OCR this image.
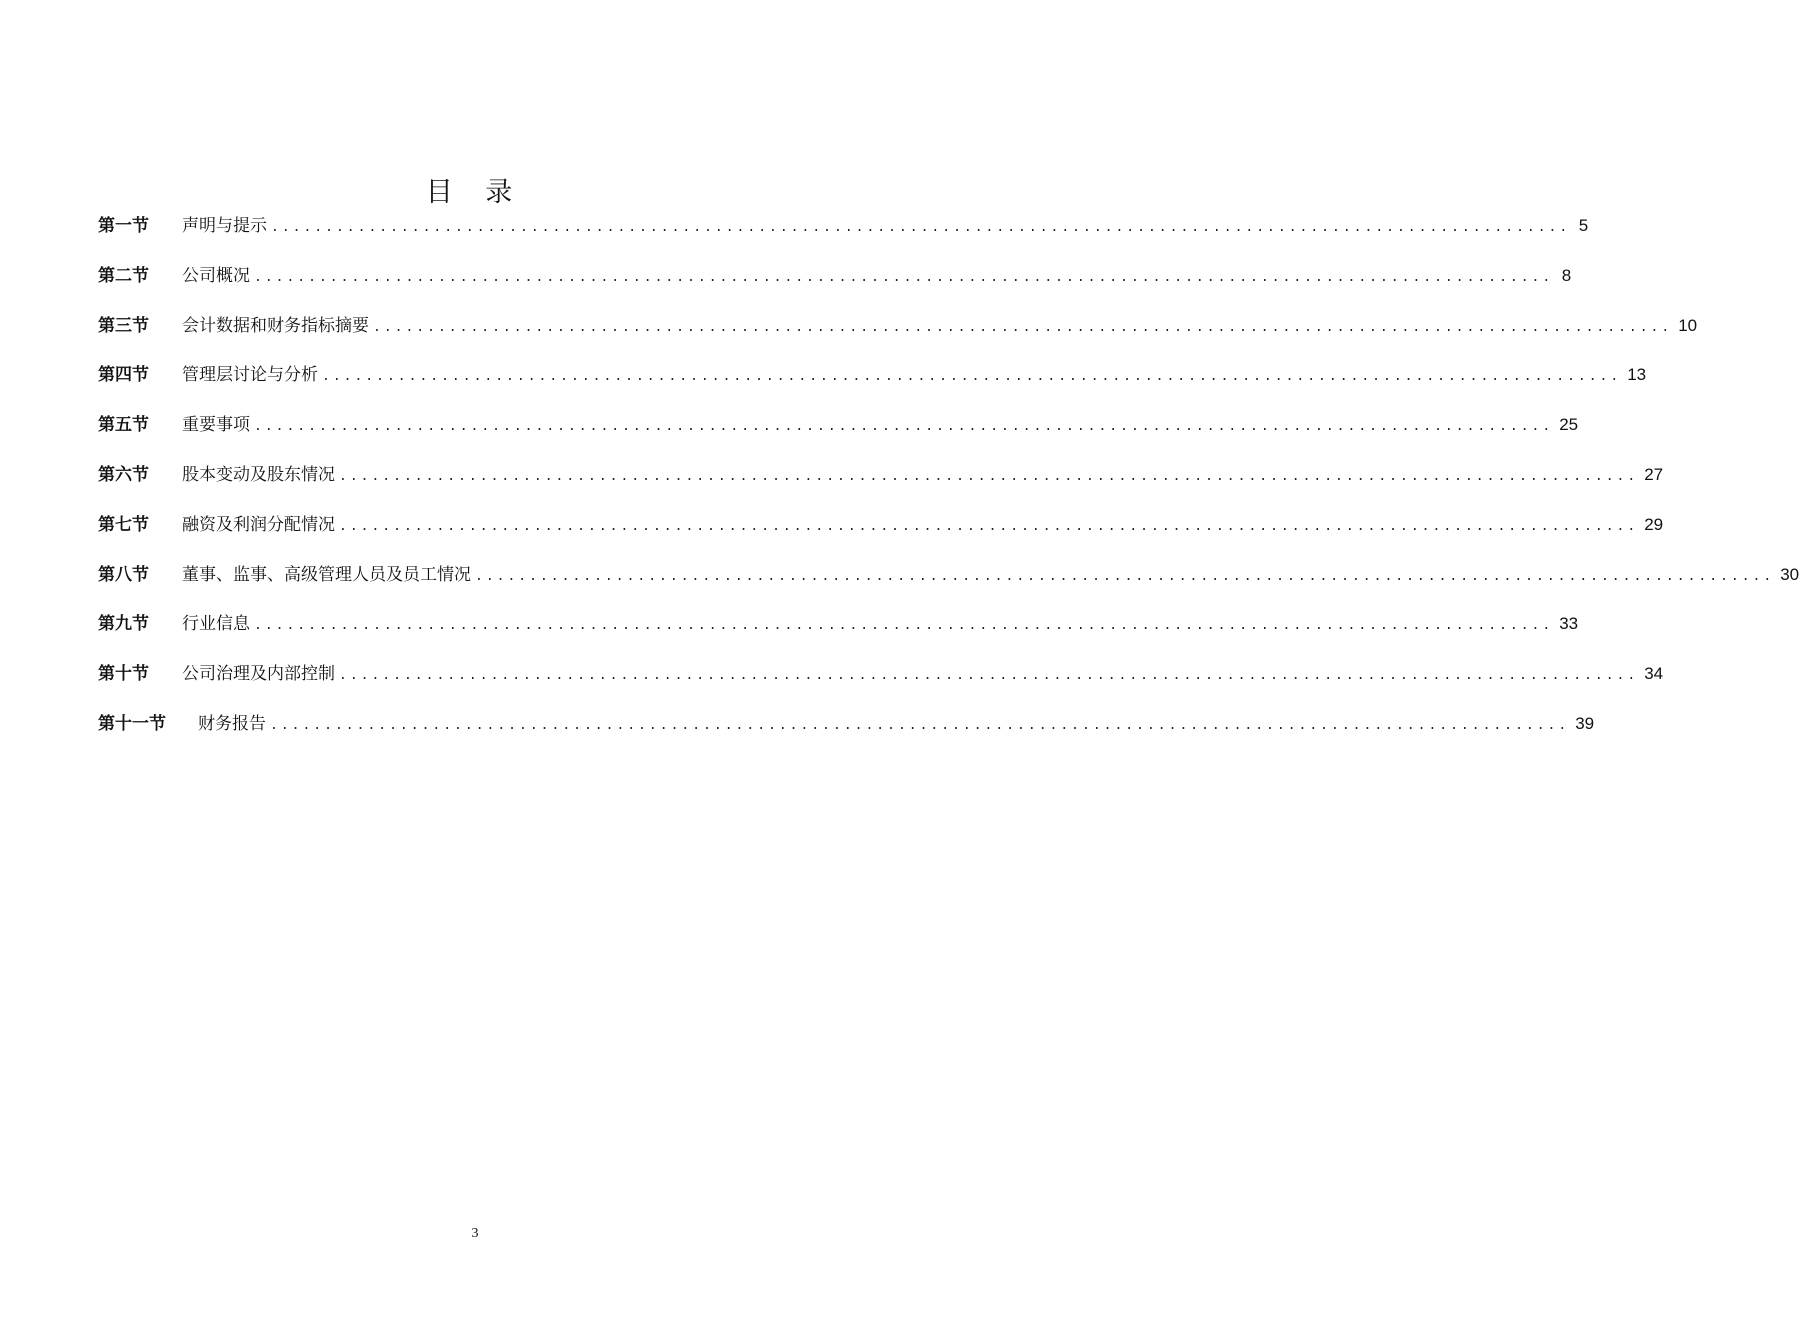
目 录
第一节	声明与提示 ........................................................................................................................ 5
第二节	公司概况 ........................................................................................................................ 8
第三节	会计数据和财务指标摘要 ........................................................................................................................ 10
第四节	管理层讨论与分析 ........................................................................................................................ 13
第五节	重要事项 ........................................................................................................................ 25
第六节	股本变动及股东情况 ........................................................................................................................ 27
第七节	融资及利润分配情况 ........................................................................................................................ 29
第八节	董事、监事、高级管理人员及员工情况 ........................................................................................................................ 30
第九节	行业信息 ........................................................................................................................ 33
第十节	公司治理及内部控制 ........................................................................................................................ 34
第十一节	财务报告 ........................................................................................................................ 39
3
